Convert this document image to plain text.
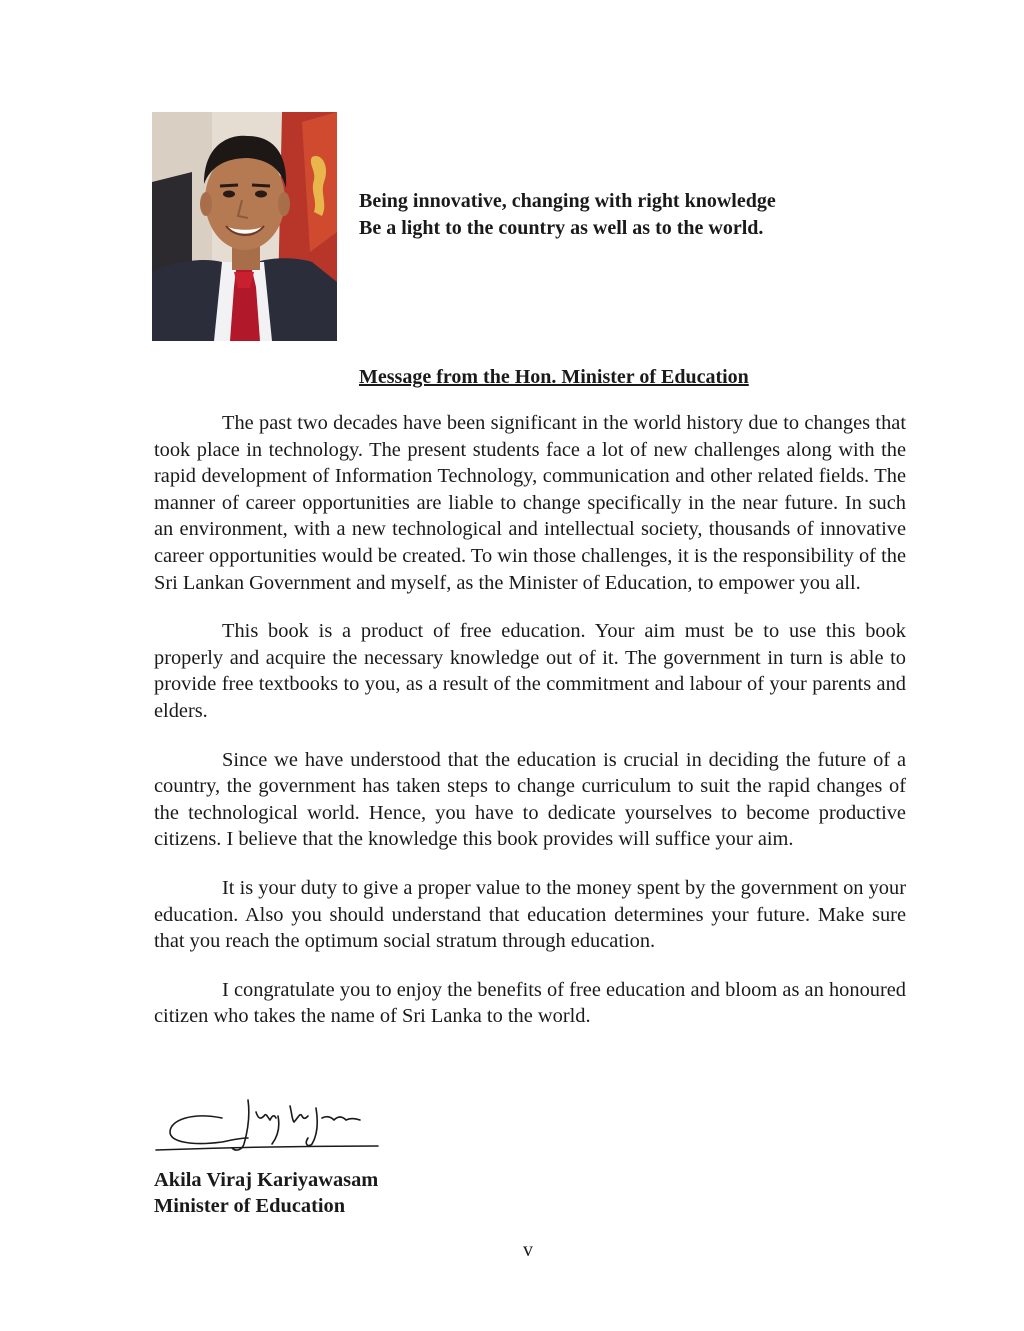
Being innovative, changing with right knowledge
Be a light to the country as well as to the world.
Message from the Hon. Minister of Education

The past two decades have been significant in the world history due to changes that took place in technology. The present students face a lot of new challenges along with the rapid development of Information Technology, communication and other related fields. The manner of career opportunities are liable to change specifically in the near future. In such an environment, with a new technological and intellectual society, thousands of innovative career opportunities would be created. To win those challenges, it is the responsibility of the Sri Lankan Government and myself, as the Minister of Education, to empower you all.

This book is a product of free education. Your aim must be to use this book properly and acquire the necessary knowledge out of it. The government in turn is able to provide free textbooks to you, as a result of the commitment and labour of your parents and elders.

Since we have understood that the education is crucial in deciding the future of a country, the government has taken steps to change curriculum to suit the rapid changes of the technological world. Hence, you have to dedicate yourselves to become productive citizens. I believe that the knowledge this book provides will suffice your aim.

It is your duty to give a proper value to the money spent by the government on your education. Also you should understand that education determines your future. Make sure that you reach the optimum social stratum through education.

I congratulate you to enjoy the benefits of free education and bloom as an honoured citizen who takes the name of Sri Lanka to the world.

Akila Viraj Kariyawasam
Minister of Education
v
